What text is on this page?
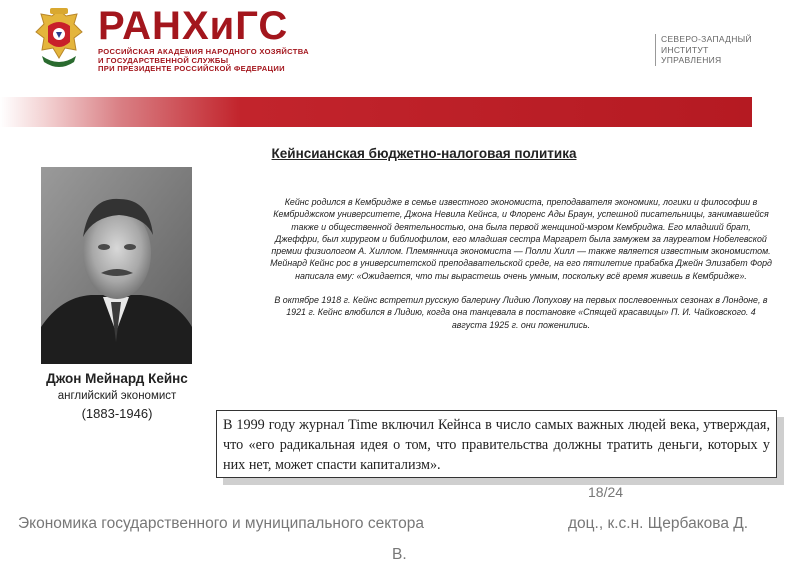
РАНХиГС
РОССИЙСКАЯ АКАДЕМИЯ НАРОДНОГО ХОЗЯЙСТВА
И ГОСУДАРСТВЕННОЙ СЛУЖБЫ
ПРИ ПРЕЗИДЕНТЕ РОССИЙСКОЙ ФЕДЕРАЦИИ
СЕВЕРО-ЗАПАДНЫЙ
ИНСТИТУТ
УПРАВЛЕНИЯ
Кейнсианская бюджетно-налоговая политика
Джон Мейнард Кейнс
английский экономист
(1883-1946)

Кейнс родился в Кембридже в семье известного экономиста, преподавателя экономики, логики и философии в Кембриджском университете, Джона Невила Кейнса, и Флоренс Ады Браун, успешной писательницы, занимавшейся также и общественной деятельностью, она была первой женщиной-мэром Кембриджа. Его младший брат, Джеффри, был хирургом и библиофилом, его младшая сестра Маргарет была замужем за лауреатом Нобелевской премии физиологом А. Хиллом. Племянница экономиста — Полли Хилл — также является известным экономистом. Мейнард Кейнс рос в университетской преподавательской среде, на его пятилетие прабабка Джейн Элизабет Форд написала ему: «Ожидается, что ты вырастешь очень умным, поскольку всё время живешь в Кембридже».

В октябре 1918 г. Кейнс встретил русскую балерину Лидию Лопухову на первых послевоенных сезонах в Лондоне, в 1921 г. Кейнс влюбился в Лидию, когда она танцевала в постановке «Спящей красавицы» П. И. Чайковского. 4 августа 1925 г. они поженились.

В 1999 году журнал Time включил Кейнса в число самых важных людей века, утверждая, что «его радикальная идея о том, что правительства должны тратить деньги, которых у них нет, может спасти капитализм».
18/24
Экономика государственного и муниципального сектора	доц., к.с.н. Щербакова Д.
В.
